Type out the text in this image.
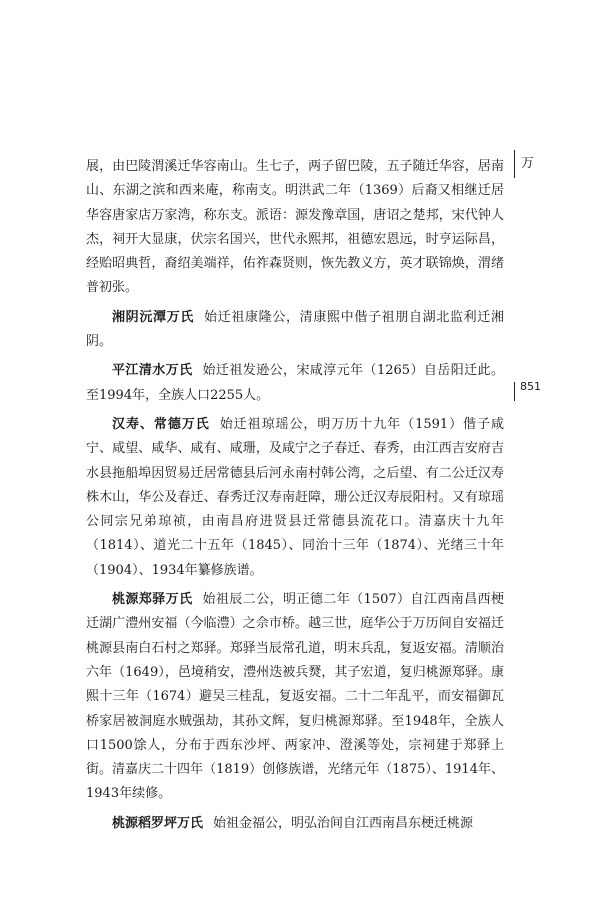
展，由巴陵渭溪迁华容南山。生七子，两子留巴陵，五子随迁华容，居南山、东湖之滨和西来庵，称南支。明洪武二年（1369）后裔又相继迁居华容唐家店万家湾，称东支。派语：源发豫章国，唐诏之楚邦，宋代钟人杰，祠开大显康，伏宗名国兴，世代永熙邦，祖德宏恩远，时亨运际昌，经贻昭典哲，裔绍美端祥，佑祚森贤则，恢先教义方，英才联锦焕，渭绪普初张。

湘阴沅潭万氏 始迁祖康隆公，清康熙中偕子祖朋自湖北监利迁湘阴。

平江清水万氏 始迁祖发逊公，宋咸淳元年（1265）自岳阳迁此。至1994年，全族人口2255人。

汉寿、常德万氏 始迁祖琼瑶公，明万历十九年（1591）偕子咸宁、咸望、咸华、咸有、咸珊，及咸宁之子春迁、春秀，由江西吉安府吉水县拖船埠因贸易迁居常德县后河永南村韩公湾，之后望、有二公迁汉寿株木山，华公及春迁、春秀迁汉寿南赶障，珊公迁汉寿辰阳村。又有琼瑶公同宗兄弟琼祯，由南昌府进贤县迁常德县流花口。清嘉庆十九年（1814）、道光二十五年（1845）、同治十三年（1874）、光绪三十年（1904）、1934年纂修族谱。

桃源郑驿万氏 始祖辰二公，明正德二年（1507）自江西南昌西梗迁湖广澧州安福（今临澧）之佘市桥。越三世，庭华公于万历间自安福迁桃源县南白石村之郑驿。郑驿当辰常孔道，明末兵乱，复返安福。清顺治六年（1649），邑境稍安，澧州迭被兵燹，其子宏道，复归桃源郑驿。康熙十三年（1674）避吴三桂乱，复返安福。二十二年乱平，而安福御瓦桥家居被洞庭水贼强劫，其孙文辉，复归桃源郑驿。至1948年，全族人口1500馀人，分布于西东沙坪、两家冲、澄溪等处，宗祠建于郑驿上街。清嘉庆二十四年（1819）创修族谱，光绪元年（1875）、1914年、1943年续修。

桃源稻罗坪万氏 始祖金福公，明弘治间自江西南昌东梗迁桃源

万
851
